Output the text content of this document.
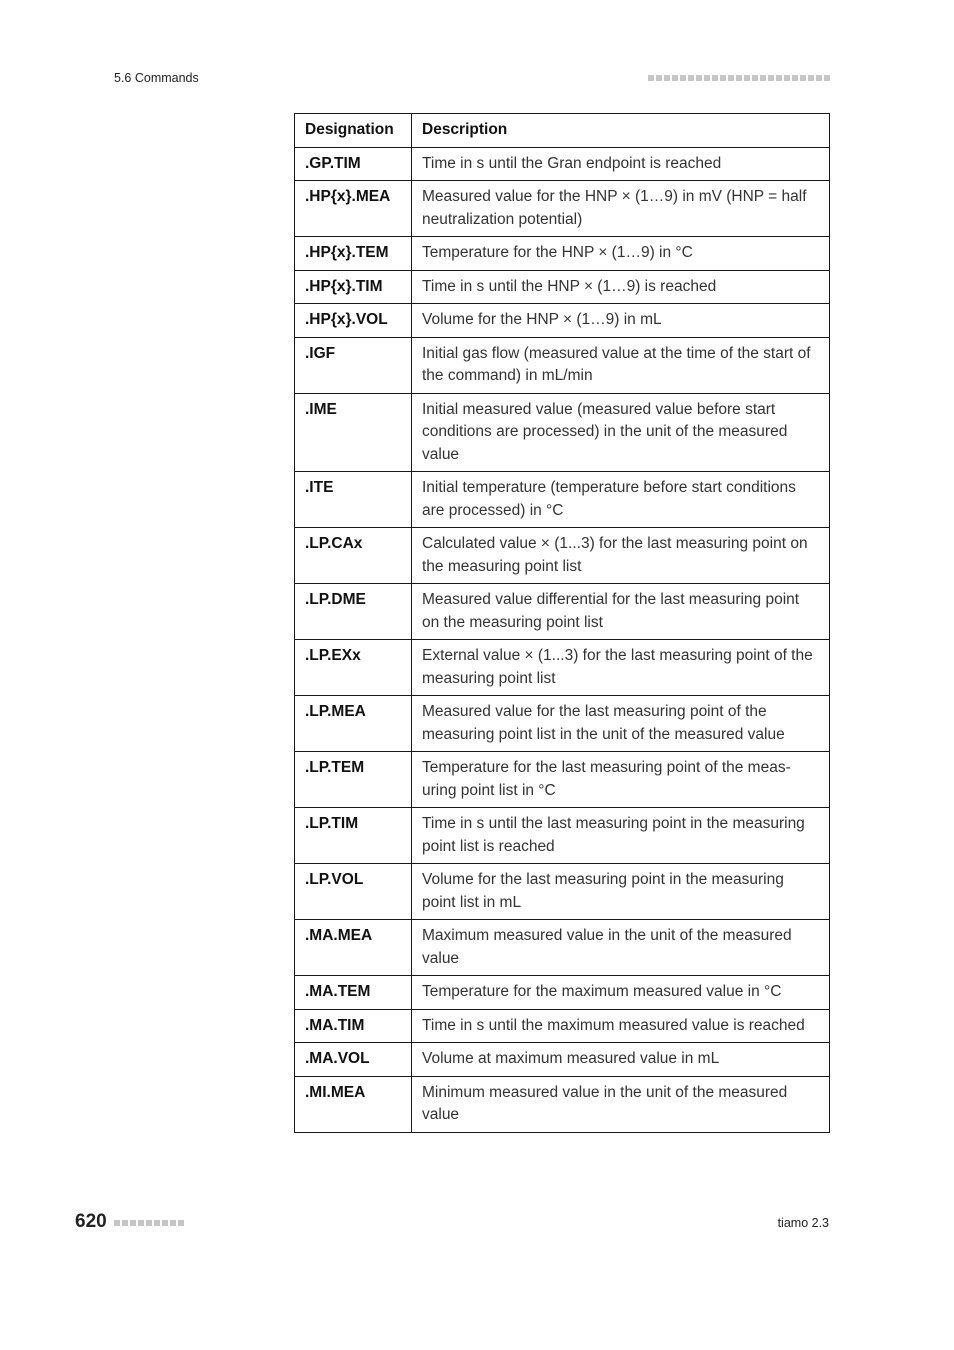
5.6 Commands
Designation	Description
.GP.TIM	Time in s until the Gran endpoint is reached
.HP{x}.MEA	Measured value for the HNP × (1…9) in mV (HNP = half neutralization potential)
.HP{x}.TEM	Temperature for the HNP × (1…9) in °C
.HP{x}.TIM	Time in s until the HNP × (1…9) is reached
.HP{x}.VOL	Volume for the HNP × (1…9) in mL
.IGF	Initial gas flow (measured value at the time of the start of the command) in mL/min
.IME	Initial measured value (measured value before start conditions are processed) in the unit of the measured value
.ITE	Initial temperature (temperature before start conditions are processed) in °C
.LP.CAx	Calculated value × (1...3) for the last measuring point on the measuring point list
.LP.DME	Measured value differential for the last measuring point on the measuring point list
.LP.EXx	External value × (1...3) for the last measuring point of the measuring point list
.LP.MEA	Measured value for the last measuring point of the measuring point list in the unit of the measured value
.LP.TEM	Temperature for the last measuring point of the measuring point list in °C
.LP.TIM	Time in s until the last measuring point in the measuring point list is reached
.LP.VOL	Volume for the last measuring point in the measuring point list in mL
.MA.MEA	Maximum measured value in the unit of the measured value
.MA.TEM	Temperature for the maximum measured value in °C
.MA.TIM	Time in s until the maximum measured value is reached
.MA.VOL	Volume at maximum measured value in mL
.MI.MEA	Minimum measured value in the unit of the measured value
620	tiamo 2.3
